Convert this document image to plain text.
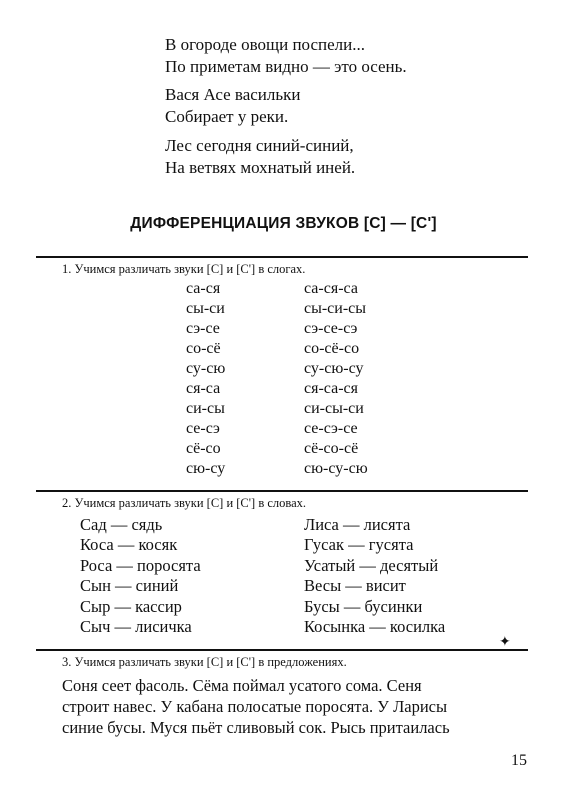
В огороде овощи поспели...
По приметам видно — это осень.
Вася Асе васильки
Собирает у реки.
Лес сегодня синий-синий,
На ветвях мохнатый иней.
ДИФФЕРЕНЦИАЦИЯ ЗВУКОВ [С] — [С']
1. Учимся различать звуки [С] и [С'] в слогах.
са-ся
сы-си
сэ-се
со-сё
су-сю
ся-са
си-сы
се-сэ
сё-со
сю-су
са-ся-са
сы-си-сы
сэ-се-сэ
со-сё-со
су-сю-су
ся-са-ся
си-сы-си
се-сэ-се
сё-со-сё
сю-су-сю
2. Учимся различать звуки [С] и [С'] в словах.
Сад — сядь
Коса — косяк
Роса — поросята
Сын — синий
Сыр — кассир
Сыч — лисичка
Лиса — лисята
Гусак — гусята
Усатый — десятый
Весы — висит
Бусы — бусинки
Косынка — косилка
✦
3. Учимся различать звуки [С] и [С'] в предложениях.
Соня сеет фасоль. Сёма поймал усатого сома. Сеня
строит навес. У кабана полосатые поросята. У Ларисы
синие бусы. Муся пьёт сливовый сок. Рысь притаилась
15
